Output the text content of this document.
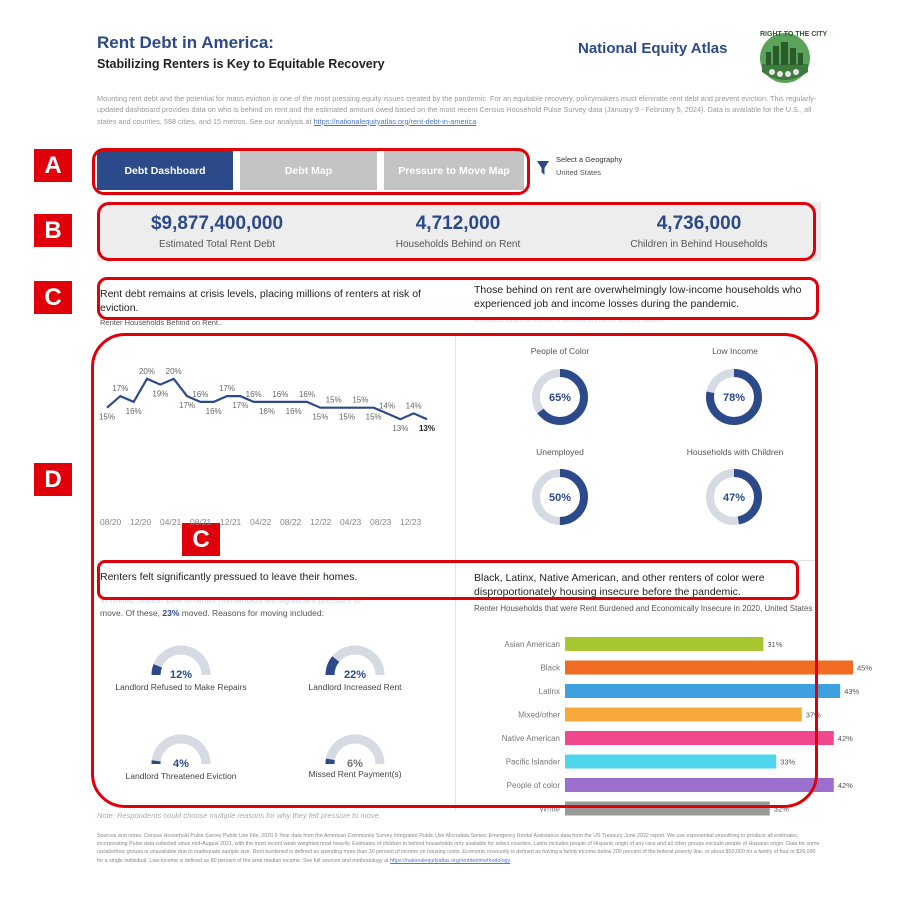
Rent Debt in America:
Stabilizing Renters is Key to Equitable Recovery
National Equity Atlas
RIGHT TO THE CITY
Mounting rent debt and the potential for mass eviction is one of the most pressing equity issues created by the pandemic. For an equitable recovery, policymakers must eliminate rent debt and prevent eviction. This regularly-updated dashboard provides data on who is behind on rent and the estimated amount owed based on the most recent Census Household Pulse Survey data (January 9 - February 5, 2024). Data is available for the U.S., all states and counties, 558 cities, and 15 metros. See our analysis at https://nationalequityatlas.org/rent-debt-in-america
Debt Dashboard	Debt Map	Pressure to Move Map
Select a Geography
United States
A
B
C
D
C
$9,877,400,000
Estimated Total Rent Debt
4,712,000
Households Behind on Rent
4,736,000
Children in Behind Households
Rent debt remains at crisis levels, placing millions of renters at risk of eviction.
Renter Households Behind on Rent..
Those behind on rent are overwhelmingly low-income households who experienced job and income losses during the pandemic.
Characteristics of Renters Behind on Rent, United States
15%
17%
16%
20%
19%
20%
17%
16%
16%
17%
17%
16%
16%
16%
16%
16%
15%
15%
15%
15%
15%
14%
13%
14%
13%
08/20 12/20 04/21 08/21 12/21 04/22 08/22 12/22 04/23 08/23 12/23
People of Color
65%
Low Income
78%
Unemployed
50%
Households with Children
47%
Renters felt significantly pressued to leave their homes.
In United States, 15% of renter households felt significant pressure to
move. Of these, 23% moved. Reasons for moving included:
12%
Landlord Refused to Make Repairs
22%
Landlord Increased Rent
4%
Landlord Threatened Eviction
6%
Missed Rent Payment(s)
Black, Latinx, Native American, and other renters of color were disproportionately housing insecure before the pandemic.
Renter Households that were Rent Burdened and Economically Insecure in 2020, United States
Asian American	31%
Black	45%
Latinx	43%
Mixed/other	37%
Native American	42%
Pacific Islander	33%
People of color	42%
White	32%
Note: Respondents could choose multiple reasons for why they felt pressure to move.
Sources and notes: Census Household Pulse Survey Public Use File; 2020 5-Year data from the American Community Survey Integrated Public Use Microdata Series; Emergency Rental Assistance data from the US Treasury June 2022 report. We use exponential smoothing to produce all estimates, incorporating Pulse data collected since mid-August 2021, with the most recent week weighted most heavily. Estimates of children in behind households only available for select counties. Latinx includes people of Hispanic origin of any race and all other groups exclude people of Hispanic origin. Data for some racial/ethnic groups is unavailable due to inadequate sample size. Rent burdened is defined as spending more than 30 percent of income on housing costs. Economic insecurity is defined as having a family income below 200 percent of the federal poverty line, or about $53,000 for a family of four or $26,000 for a single individual. Low-income is defined as 80 percent of the area median income. See full sources and methodology at https://nationalequityatlas.org/rentdebtmethodology
